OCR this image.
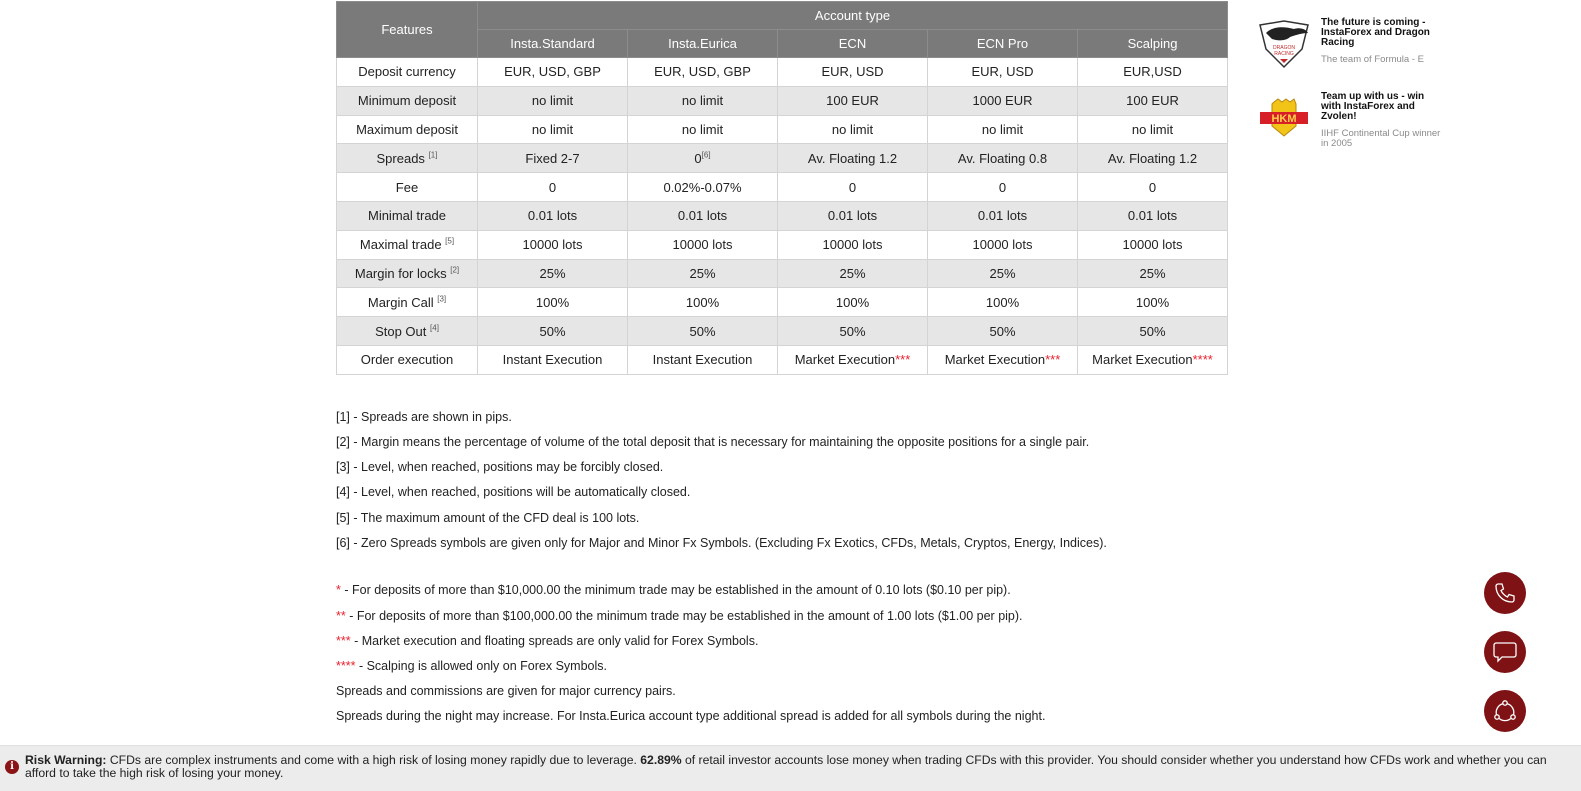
Features	Account type				
	Insta.Standard	Insta.Eurica	ECN	ECN Pro	Scalping
Deposit currency	EUR, USD, GBP	EUR, USD, GBP	EUR, USD	EUR, USD	EUR,USD
Minimum deposit	no limit	no limit	100 EUR	1000 EUR	100 EUR
Maximum deposit	no limit	no limit	no limit	no limit	no limit
Spreads [1]	Fixed 2-7	0[6]	Av. Floating 1.2	Av. Floating 0.8	Av. Floating 1.2
Fee	0	0.02%-0.07%	0	0	0
Minimal trade	0.01 lots	0.01 lots	0.01 lots	0.01 lots	0.01 lots
Maximal trade [5]	10000 lots	10000 lots	10000 lots	10000 lots	10000 lots
Margin for locks [2]	25%	25%	25%	25%	25%
Margin Call [3]	100%	100%	100%	100%	100%
Stop Out [4]	50%	50%	50%	50%	50%
Order execution	Instant Execution	Instant Execution	Market Execution***	Market Execution***	Market Execution****

[1] - Spreads are shown in pips.

[2] - Margin means the percentage of volume of the total deposit that is necessary for maintaining the opposite positions for a single pair.

[3] - Level, when reached, positions may be forcibly closed.

[4] - Level, when reached, positions will be automatically closed.

[5] - The maximum amount of the CFD deal is 100 lots.

[6] - Zero Spreads symbols are given only for Major and Minor Fx Symbols. (Excluding Fx Exotics, CFDs, Metals, Cryptos, Energy, Indices).

* - For deposits of more than $10,000.00 the minimum trade may be established in the amount of 0.10 lots ($0.10 per pip).

** - For deposits of more than $100,000.00 the minimum trade may be established in the amount of 1.00 lots ($1.00 per pip).

*** - Market execution and floating spreads are only valid for Forex Symbols.

**** - Scalping is allowed only on Forex Symbols.

Spreads and commissions are given for major currency pairs.

Spreads during the night may increase. For Insta.Eurica account type additional spread is added for all symbols during the night.

DRAGON
RACING
The future is coming - InstaForex and Dragon Racing
The team of Formula - E
HKM
Team up with us - win with InstaForex and Zvolen!
IIHF Continental Cup winner in 2005
i Risk Warning: CFDs are complex instruments and come with a high risk of losing money rapidly due to leverage. 62.89% of retail investor accounts lose money when trading CFDs with this provider. You should consider whether you understand how CFDs work and whether you can afford to take the high risk of losing your money.
